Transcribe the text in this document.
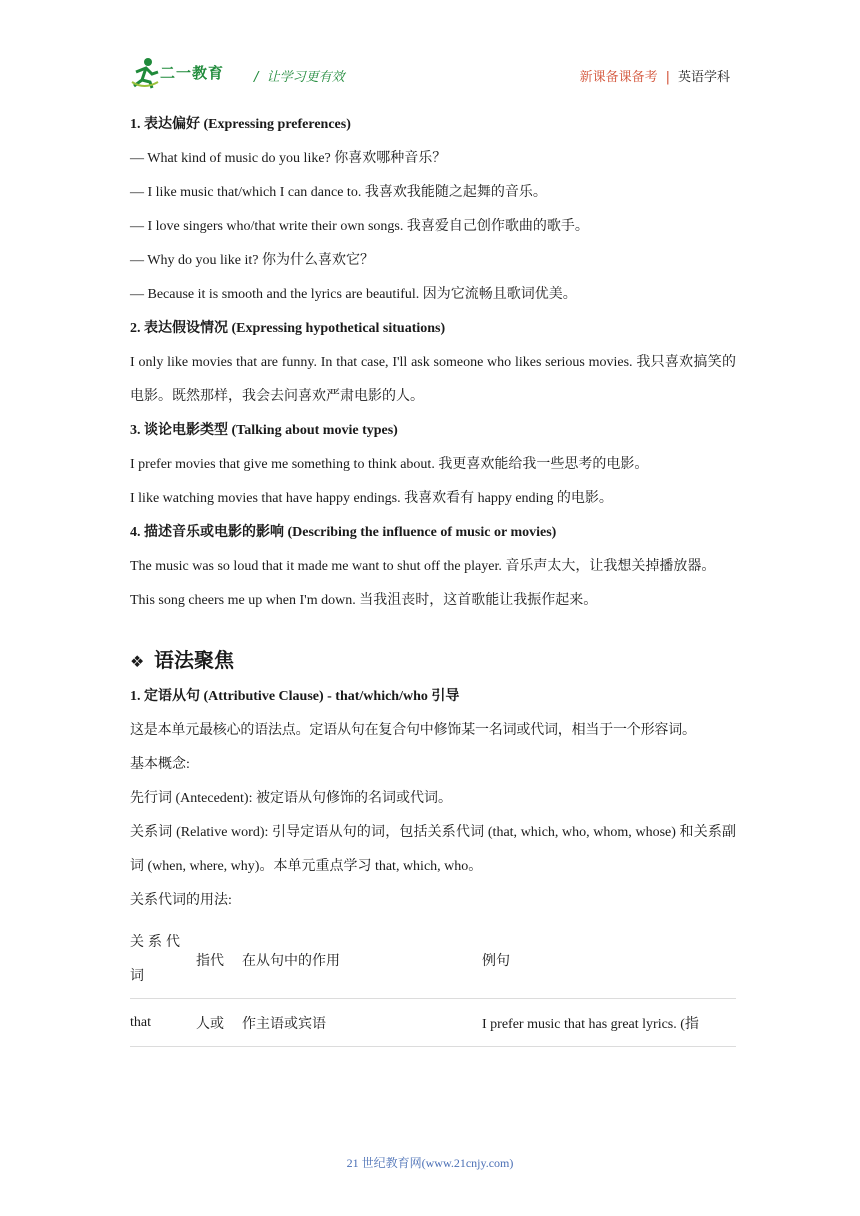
二一教育 / 让学习更有效	新课备课备考 | 英语学科
1. 表达偏好 (Expressing preferences)
— What kind of music do you like? 你喜欢哪种音乐？
— I like music that/which I can dance to. 我喜欢我能随之起舞的音乐。
— I love singers who/that write their own songs. 我喜爱自己创作歌曲的歌手。
— Why do you like it? 你为什么喜欢它？
— Because it is smooth and the lyrics are beautiful. 因为它流畅且歌词优美。
2. 表达假设情况 (Expressing hypothetical situations)
I only like movies that are funny. In that case, I'll ask someone who likes serious movies. 我只喜欢搞笑的电影。既然那样，我会去问喜欢严肃电影的人。
3. 谈论电影类型 (Talking about movie types)
I prefer movies that give me something to think about. 我更喜欢能给我一些思考的电影。
I like watching movies that have happy endings. 我喜欢看有 happy ending 的电影。
4. 描述音乐或电影的影响 (Describing the influence of music or movies)
The music was so loud that it made me want to shut off the player. 音乐声太大，让我想关掉播放器。
This song cheers me up when I'm down. 当我沮丧时，这首歌能让我振作起来。
❖ 语法聚焦
1. 定语从句 (Attributive Clause) - that/which/who 引导
这是本单元最核心的语法点。定语从句在复合句中修饰某一名词或代词，相当于一个形容词。
基本概念:
先行词 (Antecedent): 被定语从句修饰的名词或代词。
关系词 (Relative word): 引导定语从句的词，包括关系代词 (that, which, who, whom, whose) 和关系副词 (when, where, why)。本单元重点学习 that, which, who。
关系代词的用法:
关系代词	指代	在从句中的作用	例句
that	人或	作主语或宾语	I prefer music that has great lyrics. (指
21 世纪教育网(www.21cnjy.com)
